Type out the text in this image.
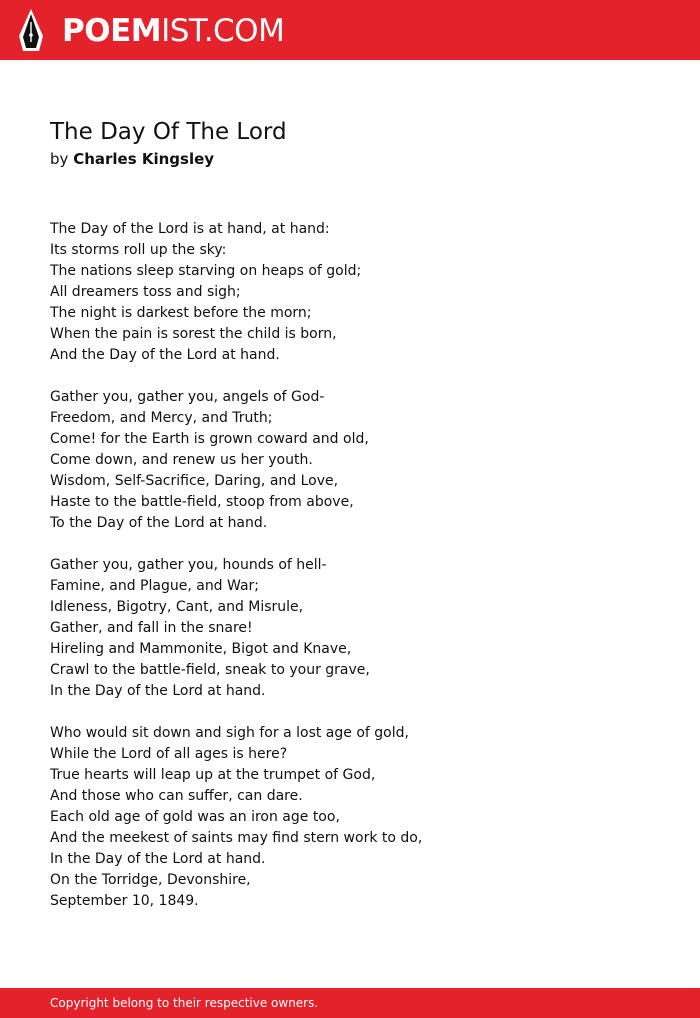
POEMIST.COM
The Day Of The Lord
by Charles Kingsley
The Day of the Lord is at hand, at hand:
Its storms roll up the sky:
The nations sleep starving on heaps of gold;
All dreamers toss and sigh;
The night is darkest before the morn;
When the pain is sorest the child is born,
And the Day of the Lord at hand.
Gather you, gather you, angels of God-
Freedom, and Mercy, and Truth;
Come! for the Earth is grown coward and old,
Come down, and renew us her youth.
Wisdom, Self-Sacrifice, Daring, and Love,
Haste to the battle-field, stoop from above,
To the Day of the Lord at hand.
Gather you, gather you, hounds of hell-
Famine, and Plague, and War;
Idleness, Bigotry, Cant, and Misrule,
Gather, and fall in the snare!
Hireling and Mammonite, Bigot and Knave,
Crawl to the battle-field, sneak to your grave,
In the Day of the Lord at hand.
Who would sit down and sigh for a lost age of gold,
While the Lord of all ages is here?
True hearts will leap up at the trumpet of God,
And those who can suffer, can dare.
Each old age of gold was an iron age too,
And the meekest of saints may find stern work to do,
In the Day of the Lord at hand.
On the Torridge, Devonshire,
September 10, 1849.
Copyright belong to their respective owners.
